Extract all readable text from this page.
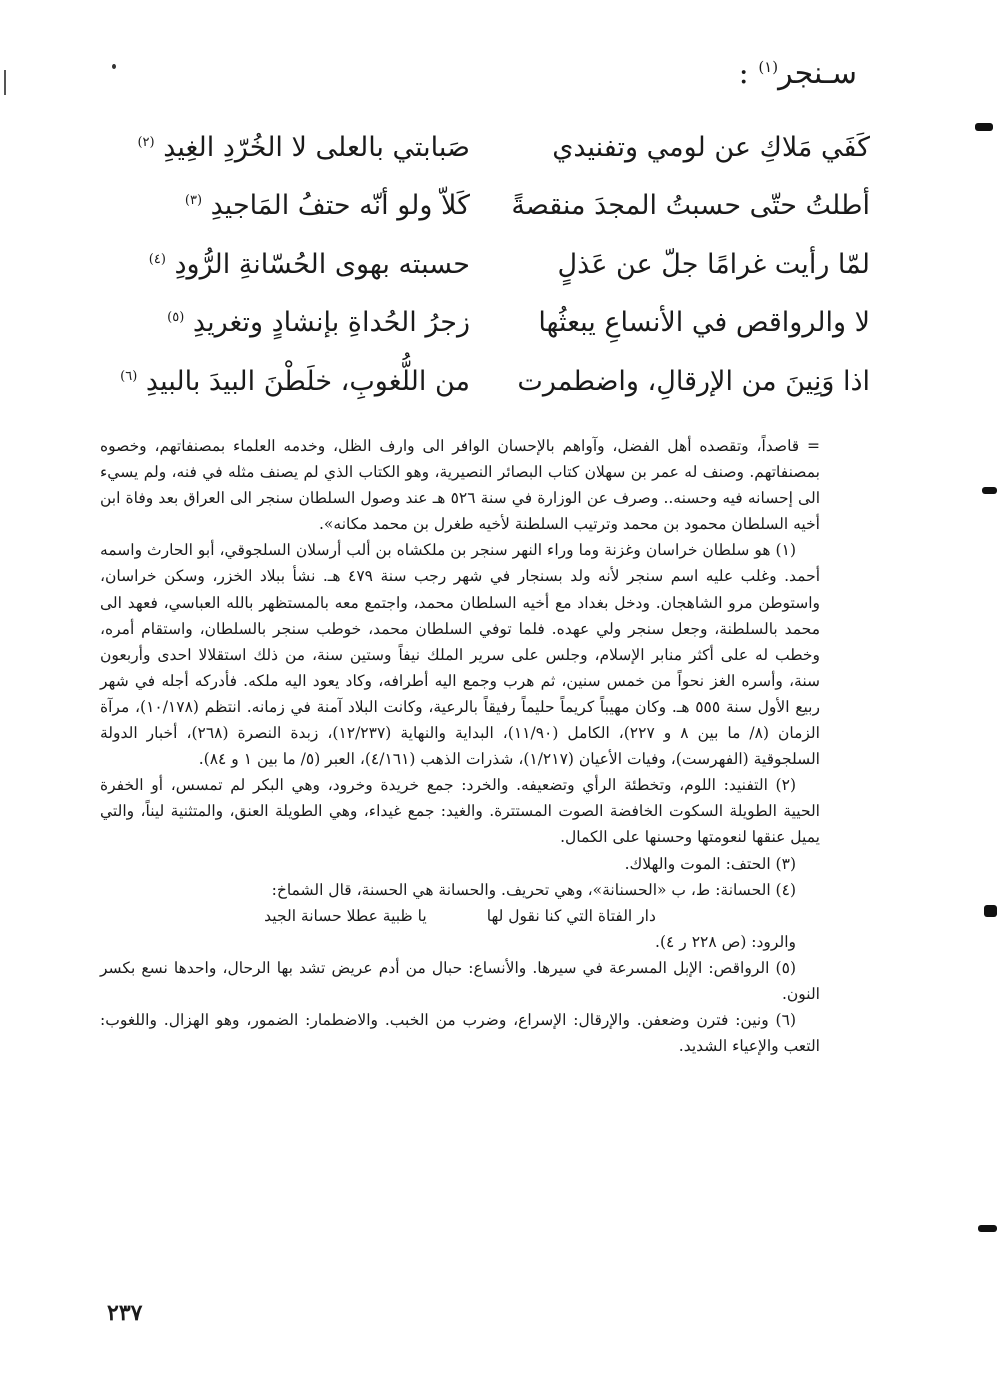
سـنجر$^{(١)}$ :
كَفَي مَلاكِ عن لومي وتفنيدي
صَبابتي بالعلى لا الخُرّدِ الغِيدِ $^{(٢)}$
أطلتُ حتّى حسبتُ المجدَ منقصةً
كَلاّ ولو أنّه حتفُ المَاجيدِ $^{(٣)}$
لمّا رأيت غرامًا جلّ عن عَذلٍ
حسبته بهوى الحُسّانةِ الرُّودِ $^{(٤)}$
لا والرواقص في الأنساعِ يبعثُها
زجرُ الحُداةِ بإنشادٍ وتغريدِ $^{(٥)}$
اذا وَنِينَ من الإرقالِ، واضطمرت
من اللُّغوبِ، خلَطْنَ البيدَ بالبيدِ $^{(٦)}$

= قاصداً، وتقصده أهل الفضل، وآواهم بالإحسان الوافر الى وارف الظل، وخدمه العلماء بمصنفاتهم، وخصوه بمصنفاتهم. وصنف له عمر بن سهلان كتاب البصائر النصيرية، وهو الكتاب الذي لم يصنف مثله في فنه، ولم يسيء الى إحسانه فيه وحسنه.. وصرف عن الوزارة في سنة ٥٢٦ هـ عند وصول السلطان سنجر الى العراق بعد وفاة ابن أخيه السلطان محمود بن محمد وترتيب السلطنة لأخيه طغرل بن محمد مكانه».

(١) هو سلطان خراسان وغزنة وما وراء النهر سنجر بن ملكشاه بن ألب أرسلان السلجوقي، أبو الحارث واسمه أحمد. وغلب عليه اسم سنجر لأنه ولد بسنجار في شهر رجب سنة ٤٧٩ هـ. نشأ ببلاد الخزر، وسكن خراسان، واستوطن مرو الشاهجان. ودخل بغداد مع أخيه السلطان محمد، واجتمع معه بالمستظهر بالله العباسي، فعهد الى محمد بالسلطنة، وجعل سنجر ولي عهده. فلما توفي السلطان محمد، خوطب سنجر بالسلطان، واستقام أمره، وخطب له على أكثر منابر الإسلام، وجلس على سرير الملك نيفاً وستين سنة، من ذلك استقلالا احدى وأربعون سنة، وأسره الغز نحواً من خمس سنين، ثم هرب وجمع اليه أطرافه، وكاد يعود اليه ملكه. فأدركه أجله في شهر ربيع الأول سنة ٥٥٥ هـ. وكان مهيباً كريماً حليماً رفيقاً بالرعية، وكانت البلاد آمنة في زمانه. انتظم (١٠/١٧٨)، مرآة الزمان (٨/ ما بين ٨ و ٢٢٧)، الكامل (١١/٩٠)، البداية والنهاية (١٢/٢٣٧)، زبدة النصرة (٢٦٨)، أخبار الدولة السلجوقية (الفهرست)، وفيات الأعيان (١/٢١٧)، شذرات الذهب (٤/١٦١)، العبر (٥/ ما بين ١ و ٨٤).

(٢) التفنيد: اللوم، وتخطئة الرأي وتضعيفه. والخرد: جمع خريدة وخرود، وهي البكر لم تمسس، أو الخفرة الحيية الطويلة السكوت الخافضة الصوت المستترة. والغيد: جمع غيداء، وهي الطويلة العنق، والمتثنية ليناً، والتي يميل عنقها لنعومتها وحسنها على الكمال.

(٣) الحتف: الموت والهلاك.

(٤) الحسانة: ط، ب «الحسنانة»، وهي تحريف. والحسانة هي الحسنة، قال الشماخ:

دار الفتاة التي كنا نقول لها
يا ظبية عطلا حسانة الجيد

والرود: (ص ٢٢٨ ر ٤).

(٥) الرواقص: الإبل المسرعة في سيرها. والأنساع: حبال من أدم عريض تشد بها الرحال، واحدها نسع بكسر النون.

(٦) ونين: فترن وضعفن. والإرقال: الإسراع، وضرب من الخبب. والاضطمار: الضمور، وهو الهزال. واللغوب: التعب والإعياء الشديد.

٢٣٧
